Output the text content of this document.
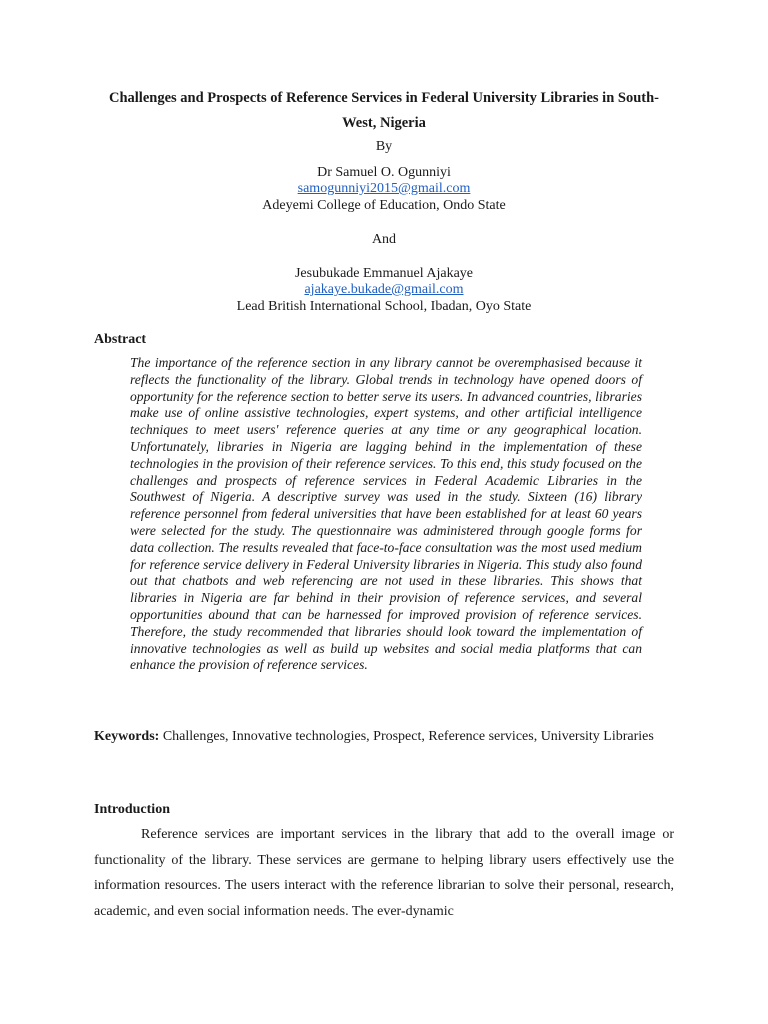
Challenges and Prospects of Reference Services in Federal University Libraries in South-West, Nigeria

By

Dr Samuel O. Ogunniyi

samogunniyi2015@gmail.com

Adeyemi College of Education, Ondo State

And

Jesubukade Emmanuel Ajakaye

ajakaye.bukade@gmail.com

Lead British International School, Ibadan, Oyo State

Abstract

The importance of the reference section in any library cannot be overemphasised because it reflects the functionality of the library. Global trends in technology have opened doors of opportunity for the reference section to better serve its users. In advanced countries, libraries make use of online assistive technologies, expert systems, and other artificial intelligence techniques to meet users' reference queries at any time or any geographical location. Unfortunately, libraries in Nigeria are lagging behind in the implementation of these technologies in the provision of their reference services. To this end, this study focused on the challenges and prospects of reference services in Federal Academic Libraries in the Southwest of Nigeria. A descriptive survey was used in the study. Sixteen (16) library reference personnel from federal universities that have been established for at least 60 years were selected for the study. The questionnaire was administered through google forms for data collection. The results revealed that face-to-face consultation was the most used medium for reference service delivery in Federal University libraries in Nigeria. This study also found out that chatbots and web referencing are not used in these libraries. This shows that libraries in Nigeria are far behind in their provision of reference services, and several opportunities abound that can be harnessed for improved provision of reference services. Therefore, the study recommended that libraries should look toward the implementation of innovative technologies as well as build up websites and social media platforms that can enhance the provision of reference services.

Keywords: Challenges, Innovative technologies, Prospect, Reference services, University Libraries

Introduction

Reference services are important services in the library that add to the overall image or functionality of the library. These services are germane to helping library users effectively use the information resources. The users interact with the reference librarian to solve their personal, research, academic, and even social information needs. The ever-dynamic
